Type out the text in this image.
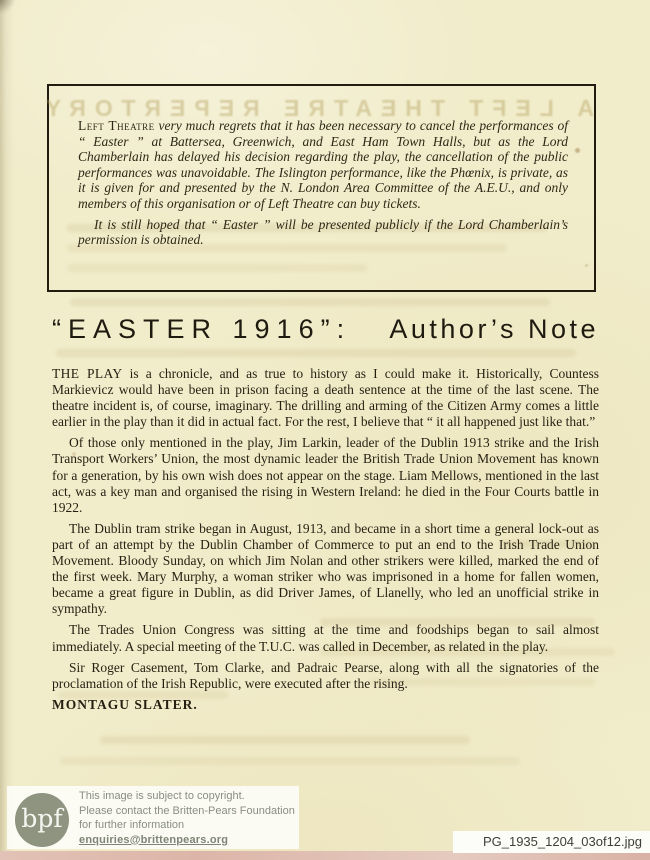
A LEFT THEATRE REPERTORY

Left Theatre very much regrets that it has been necessary to cancel the performances of “ Easter ” at Battersea, Greenwich, and East Ham Town Halls, but as the Lord Chamberlain has delayed his decision regarding the play, the cancellation of the public performances was unavoidable. The Islington performance, like the Phœnix, is private, as it is given for and presented by the N. London Area Committee of the A.E.U., and only members of this organisation or of Left Theatre can buy tickets.

It is still hoped that “ Easter ” will be presented publicly if the Lord Chamberlain’s permission is obtained.

“EASTER 1916”: Author’s Note

THE PLAY is a chronicle, and as true to history as I could make it. Historically, Countess Markievicz would have been in prison facing a death sentence at the time of the last scene. The theatre incident is, of course, imaginary. The drilling and arming of the Citizen Army comes a little earlier in the play than it did in actual fact. For the rest, I believe that “ it all happened just like that.”

Of those only mentioned in the play, Jim Larkin, leader of the Dublin 1913 strike and the Irish Transport Workers’ Union, the most dynamic leader the British Trade Union Movement has known for a generation, by his own wish does not appear on the stage. Liam Mellows, mentioned in the last act, was a key man and organised the rising in Western Ireland: he died in the Four Courts battle in 1922.

The Dublin tram strike began in August, 1913, and became in a short time a general lock-out as part of an attempt by the Dublin Chamber of Commerce to put an end to the Irish Trade Union Movement. Bloody Sunday, on which Jim Nolan and other strikers were killed, marked the end of the first week. Mary Murphy, a woman striker who was imprisoned in a home for fallen women, became a great figure in Dublin, as did Driver James, of Llanelly, who led an unofficial strike in sympathy.

The Trades Union Congress was sitting at the time and foodships began to sail almost immediately. A special meeting of the T.U.C. was called in December, as related in the play.

Sir Roger Casement, Tom Clarke, and Padraic Pearse, along with all the signatories of the proclamation of the Irish Republic, were executed after the rising.

MONTAGU SLATER.

bpf
This image is subject to copyright.
Please contact the Britten-Pears Foundation
for further information
enquiries@brittenpears.org	PG_1935_1204_03of12.jpg
